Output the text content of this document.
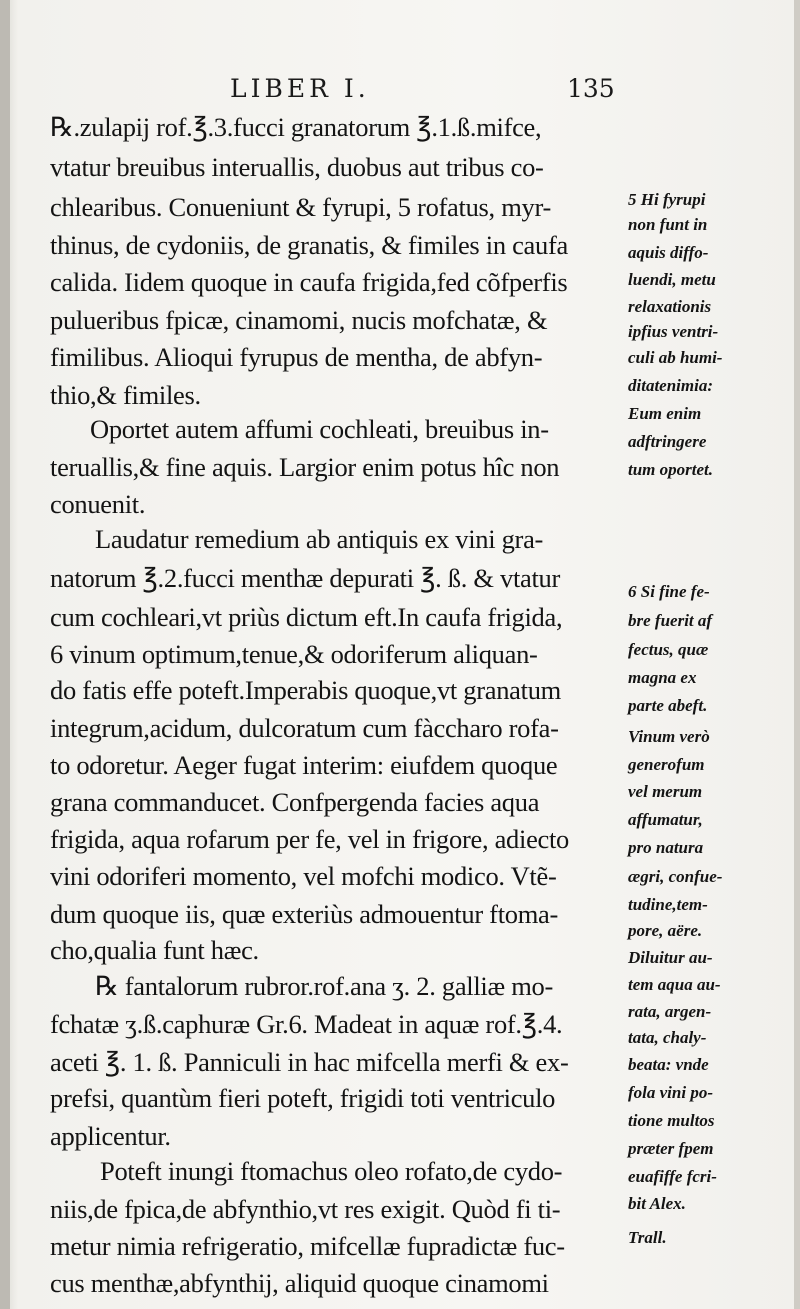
LIBER I.	135
℞.zulapij rof.℥.3.fucci granatorum ℥.1.ß.mifce,
vtatur breuibus interuallis, duobus aut tribus co-
chlearibus. Conueniunt & fyrupi, 5 rofatus, myr-
thinus, de cydoniis, de granatis, & fimiles in caufa
calida. Iidem quoque in caufa frigida,fed cõfperfis
pulueribus fpicæ, cinamomi, nucis mofchatæ, &
fimilibus. Alioqui fyrupus de mentha, de abfyn-
thio,& fimiles.
Oportet autem affumi cochleati, breuibus in-
teruallis,& fine aquis. Largior enim potus hîc non
conuenit.
Laudatur remedium ab antiquis ex vini gra-
natorum ℥.2.fucci menthæ depurati ℥. ß. & vtatur
cum cochleari,vt priùs dictum eft.In caufa frigida,
6 vinum optimum,tenue,& odoriferum aliquan-
do fatis effe poteft.Imperabis quoque,vt granatum
integrum,acidum, dulcoratum cum fàccharo rofa-
to odoretur. Aeger fugat interim: eiufdem quoque
grana commanducet. Confpergenda facies aqua
frigida, aqua rofarum per fe, vel in frigore, adiecto
vini odoriferi momento, vel mofchi modico. Vtẽ-
dum quoque iis, quæ exteriùs admouentur ftoma-
cho,qualia funt hæc.
℞ fantalorum rubror.rof.ana ʒ. 2. galliæ mo-
fchatæ ʒ.ß.caphuræ Gr.6. Madeat in aquæ rof.℥.4.
aceti ℥. 1. ß. Panniculi in hac mifcella merfi & ex-
prefsi, quantùm fieri poteft, frigidi toti ventriculo
applicentur.
Poteft inungi ftomachus oleo rofato,de cydo-
niis,de fpica,de abfynthio,vt res exigit. Quòd fi ti-
metur nimia refrigeratio, mifcellæ fupradictæ fuc-
cus menthæ,abfynthij, aliquid quoque cinamomi
5 Hi fyrupi
non funt in
aquis diffo-
luendi, metu
relaxationis
ipfius ventri-
culi ab humi-
ditatenimia:
Eum enim
adftringere
tum oportet.
6 Si fine fe-
bre fuerit af
fectus, quæ
magna ex
parte abeft.
Vinum verò
generofum
vel merum
affumatur,
pro natura
ægri, confue-
tudine,tem-
pore, aëre.
Diluitur au-
tem aqua au-
rata, argen-
tata, chaly-
beata: vnde
fola vini po-
tione multos
præter fpem
euafiffe fcri-
bit Alex.
Trall.
